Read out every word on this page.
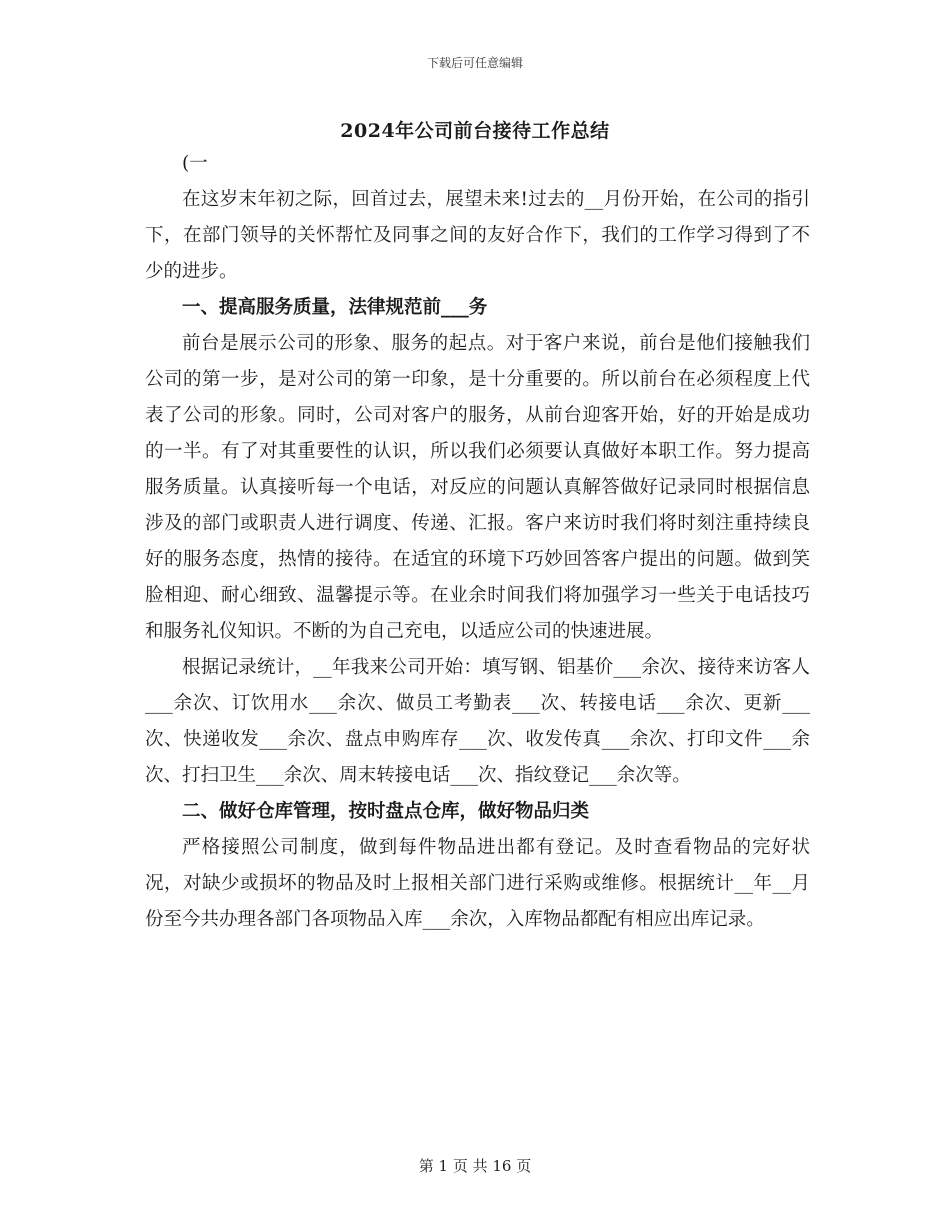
下载后可任意编辑
2024年公司前台接待工作总结

(一

在这岁末年初之际，回首过去，展望未来!过去的__月份开始，在公司的指引下，在部门领导的关怀帮忙及同事之间的友好合作下，我们的工作学习得到了不少的进步。

一、提高服务质量，法律规范前___务

前台是展示公司的形象、服务的起点。对于客户来说，前台是他们接触我们公司的第一步，是对公司的第一印象，是十分重要的。所以前台在必须程度上代表了公司的形象。同时，公司对客户的服务，从前台迎客开始，好的开始是成功的一半。有了对其重要性的认识，所以我们必须要认真做好本职工作。努力提高服务质量。认真接听每一个电话，对反应的问题认真解答做好记录同时根据信息涉及的部门或职责人进行调度、传递、汇报。客户来访时我们将时刻注重持续良好的服务态度，热情的接待。在适宜的环境下巧妙回答客户提出的问题。做到笑脸相迎、耐心细致、温馨提示等。在业余时间我们将加强学习一些关于电话技巧和服务礼仪知识。不断的为自己充电，以适应公司的快速进展。

根据记录统计，__年我来公司开始：填写钢、铝基价___余次、接待来访客人___余次、订饮用水___余次、做员工考勤表___次、转接电话___余次、更新___次、快递收发___余次、盘点申购库存___次、收发传真___余次、打印文件___余次、打扫卫生___余次、周末转接电话___次、指纹登记___余次等。

二、做好仓库管理，按时盘点仓库，做好物品归类

严格接照公司制度，做到每件物品进出都有登记。及时查看物品的完好状况，对缺少或损坏的物品及时上报相关部门进行采购或维修。根据统计__年__月份至今共办理各部门各项物品入库___余次，入库物品都配有相应出库记录。

第 1 页 共 16 页
